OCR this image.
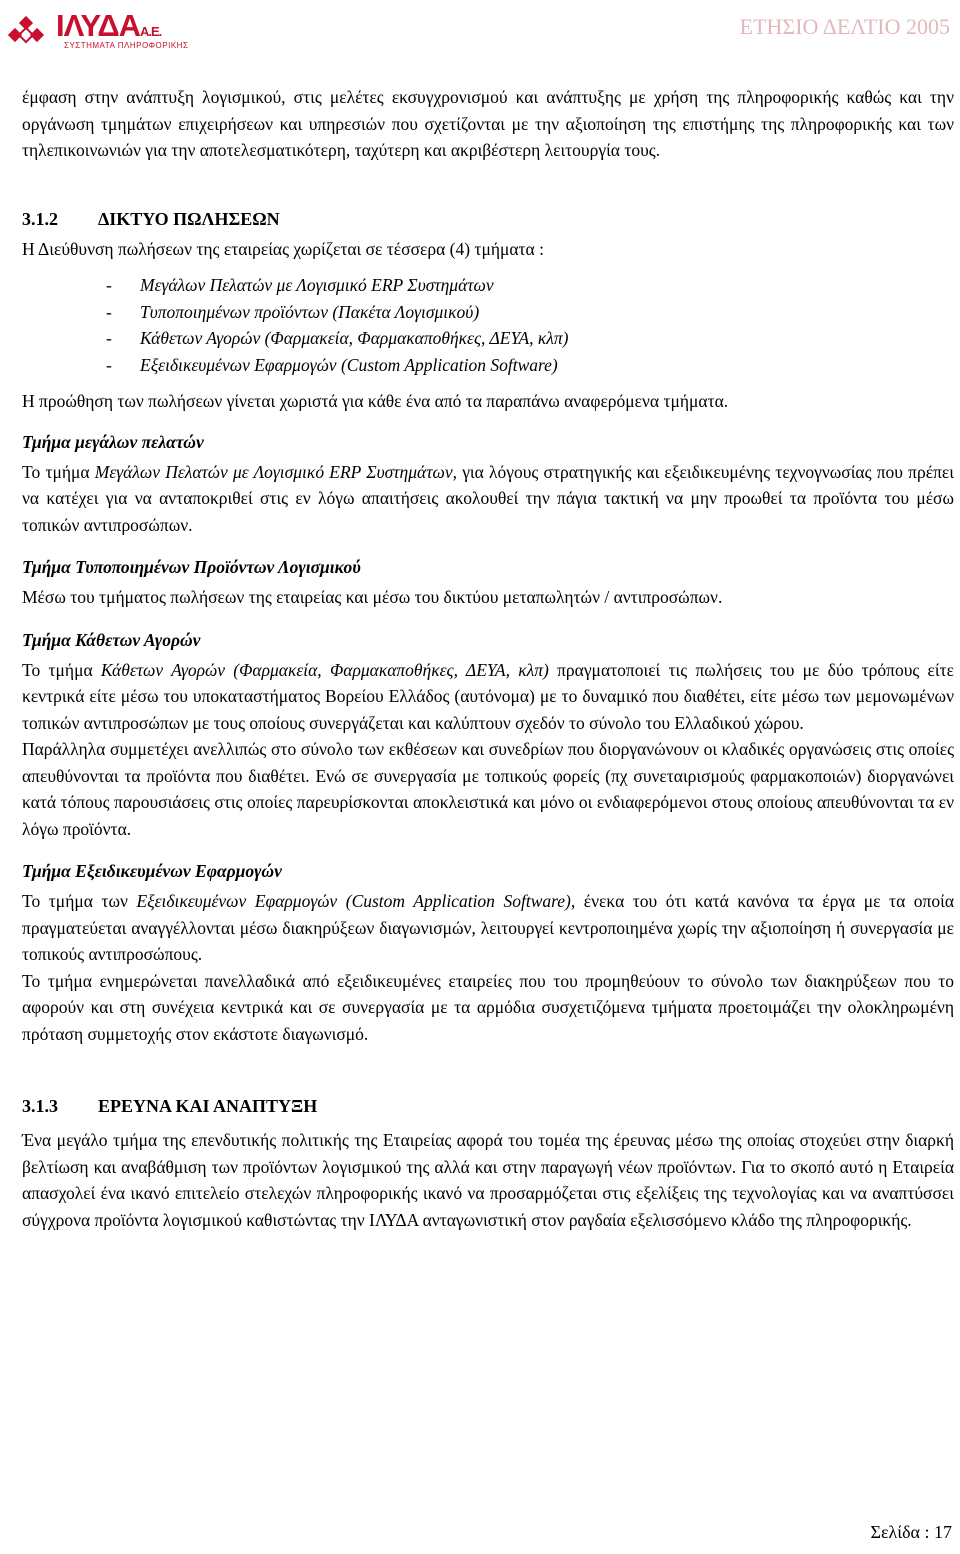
ΙΛΥΔΑΑ.Ε.
ΣΥΣΤΗΜΑΤΑ ΠΛΗΡΟΦΟΡΙΚΗΣ
ΕΤΗΣΙΟ ΔΕΛΤΙΟ 2005

έμφαση στην ανάπτυξη λογισμικού, στις μελέτες εκσυγχρονισμού και ανάπτυξης με χρήση της πληροφορικής καθώς και την οργάνωση τμημάτων επιχειρήσεων και υπηρεσιών που σχετίζονται με την αξιοποίηση της επιστήμης της πληροφορικής και των τηλεπικοινωνιών για την αποτελεσματικότερη, ταχύτερη και ακριβέστερη λειτουργία τους.

3.1.2	ΔΙΚΤΥΟ ΠΩΛΗΣΕΩΝ

Η Διεύθυνση πωλήσεων της εταιρείας χωρίζεται σε τέσσερα (4) τμήματα :

- Μεγάλων Πελατών με Λογισμικό ERP Συστημάτων
- Τυποποιημένων προϊόντων (Πακέτα Λογισμικού)
- Κάθετων Αγορών (Φαρμακεία, Φαρμακαποθήκες, ΔΕΥΑ, κλπ)
- Εξειδικευμένων Εφαρμογών (Custom Application Software)

Η προώθηση των πωλήσεων γίνεται χωριστά για κάθε ένα από τα παραπάνω αναφερόμενα τμήματα.

Τμήμα μεγάλων πελατών

Το τμήμα Μεγάλων Πελατών με Λογισμικό ERP Συστημάτων, για λόγους στρατηγικής και εξειδικευμένης τεχνογνωσίας που πρέπει να κατέχει για να ανταποκριθεί στις εν λόγω απαιτήσεις ακολουθεί την πάγια τακτική να μην προωθεί τα προϊόντα του μέσω τοπικών αντιπροσώπων.

Τμήμα Τυποποιημένων Προϊόντων Λογισμικού

Μέσω του τμήματος πωλήσεων της εταιρείας και μέσω του δικτύου μεταπωλητών / αντιπροσώπων.

Τμήμα Κάθετων Αγορών

Το τμήμα Κάθετων Αγορών (Φαρμακεία, Φαρμακαποθήκες, ΔΕΥΑ, κλπ) πραγματοποιεί τις πωλήσεις του με δύο τρόπους είτε κεντρικά είτε μέσω του υποκαταστήματος Βορείου Ελλάδος (αυτόνομα) με το δυναμικό που διαθέτει, είτε μέσω των μεμονωμένων τοπικών αντιπροσώπων με τους οποίους συνεργάζεται και καλύπτουν σχεδόν το σύνολο του Ελλαδικού χώρου.

Παράλληλα συμμετέχει ανελλιπώς στο σύνολο των εκθέσεων και συνεδρίων που διοργανώνουν οι κλαδικές οργανώσεις στις οποίες απευθύνονται τα προϊόντα που διαθέτει. Ενώ σε συνεργασία με τοπικούς φορείς (πχ συνεταιρισμούς φαρμακοποιών) διοργανώνει κατά τόπους παρουσιάσεις στις οποίες παρευρίσκονται αποκλειστικά και μόνο οι ενδιαφερόμενοι στους οποίους απευθύνονται τα εν λόγω προϊόντα.

Τμήμα Εξειδικευμένων Εφαρμογών

Το τμήμα των Εξειδικευμένων Εφαρμογών (Custom Application Software), ένεκα του ότι κατά κανόνα τα έργα με τα οποία πραγματεύεται αναγγέλλονται μέσω διακηρύξεων διαγωνισμών, λειτουργεί κεντροποιημένα χωρίς την αξιοποίηση ή συνεργασία με τοπικούς αντιπροσώπους.

Το τμήμα ενημερώνεται πανελλαδικά από εξειδικευμένες εταιρείες που του προμηθεύουν το σύνολο των διακηρύξεων που το αφορούν και στη συνέχεια κεντρικά και σε συνεργασία με τα αρμόδια συσχετιζόμενα τμήματα προετοιμάζει την ολοκληρωμένη πρόταση συμμετοχής στον εκάστοτε διαγωνισμό.

3.1.3	ΕΡΕΥΝΑ ΚΑΙ ΑΝΑΠΤΥΞΗ

Ένα μεγάλο τμήμα της επενδυτικής πολιτικής της Εταιρείας αφορά του τομέα της έρευνας μέσω της οποίας στοχεύει στην διαρκή βελτίωση και αναβάθμιση των προϊόντων λογισμικού της αλλά και στην παραγωγή νέων προϊόντων. Για το σκοπό αυτό η Εταιρεία απασχολεί ένα ικανό επιτελείο στελεχών πληροφορικής ικανό να προσαρμόζεται στις εξελίξεις της τεχνολογίας και να αναπτύσσει σύγχρονα προϊόντα λογισμικού καθιστώντας την ΙΛΥΔΑ ανταγωνιστική στον ραγδαία εξελισσόμενο κλάδο της πληροφορικής.

Σελίδα : 17
